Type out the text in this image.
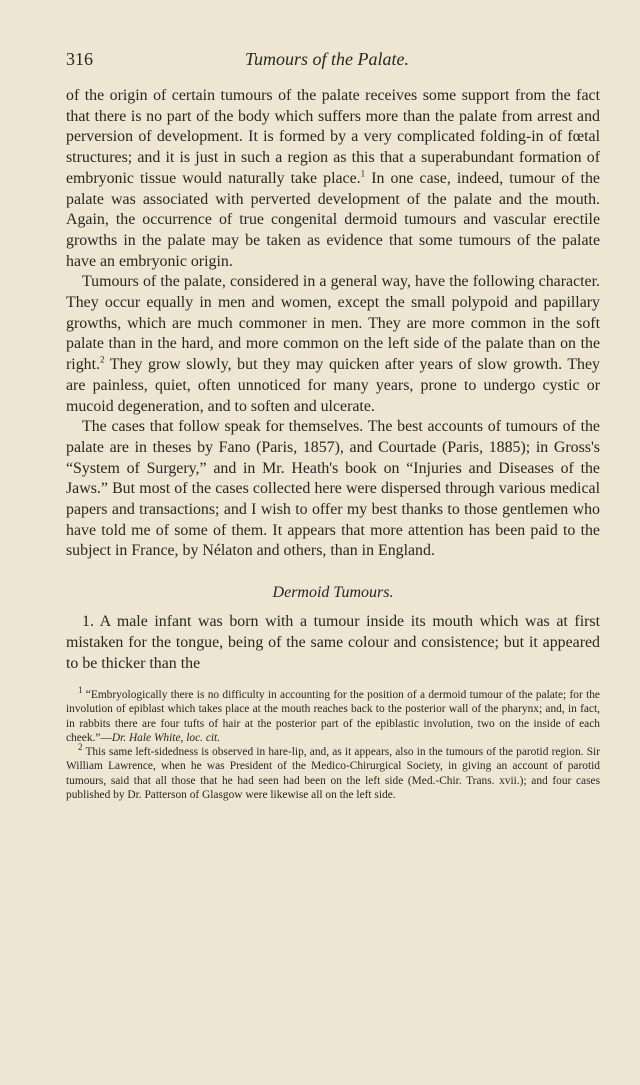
316	Tumours of the Palate.

of the origin of certain tumours of the palate receives some support from the fact that there is no part of the body which suffers more than the palate from arrest and perversion of development. It is formed by a very complicated folding-in of fœtal structures; and it is just in such a region as this that a superabundant formation of embryonic tissue would naturally take place.$^1$ In one case, indeed, tumour of the palate was associated with perverted development of the palate and the mouth. Again, the occurrence of true congenital dermoid tumours and vascular erectile growths in the palate may be taken as evidence that some tumours of the palate have an embryonic origin.

Tumours of the palate, considered in a general way, have the following character. They occur equally in men and women, except the small polypoid and papillary growths, which are much commoner in men. They are more common in the soft palate than in the hard, and more common on the left side of the palate than on the right.$^2$ They grow slowly, but they may quicken after years of slow growth. They are painless, quiet, often unnoticed for many years, prone to undergo cystic or mucoid degeneration, and to soften and ulcerate.

The cases that follow speak for themselves. The best accounts of tumours of the palate are in theses by Fano (Paris, 1857), and Courtade (Paris, 1885); in Gross's “System of Surgery,” and in Mr. Heath's book on “Injuries and Diseases of the Jaws.” But most of the cases collected here were dispersed through various medical papers and transactions; and I wish to offer my best thanks to those gentlemen who have told me of some of them. It appears that more attention has been paid to the subject in France, by Nélaton and others, than in England.

Dermoid Tumours.

1. A male infant was born with a tumour inside its mouth which was at first mistaken for the tongue, being of the same colour and consistence; but it appeared to be thicker than the

$^1$ “Embryologically there is no difficulty in accounting for the position of a dermoid tumour of the palate; for the involution of epiblast which takes place at the mouth reaches back to the posterior wall of the pharynx; and, in fact, in rabbits there are four tufts of hair at the posterior part of the epiblastic involution, two on the inside of each cheek.”—Dr. Hale White, loc. cit.

$^2$ This same left-sidedness is observed in hare-lip, and, as it appears, also in the tumours of the parotid region. Sir William Lawrence, when he was President of the Medico-Chirurgical Society, in giving an account of parotid tumours, said that all those that he had seen had been on the left side (Med.-Chir. Trans. xvii.); and four cases published by Dr. Patterson of Glasgow were likewise all on the left side.
